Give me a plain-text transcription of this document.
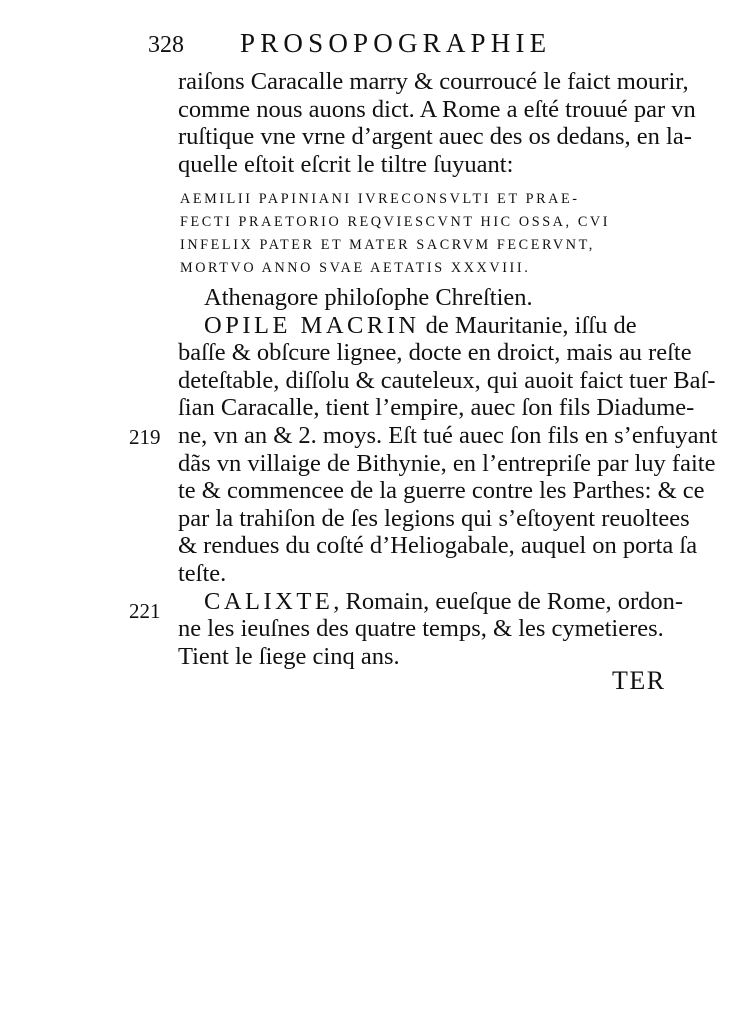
328 PROSOPOGRAPHIE
raiſons Caracalle marry & courroucé le faict mourir,
comme nous auons dict. A Rome a eſté trouué par vn
ruſtique vne vrne d’argent auec des os dedans, en la-
quelle eſtoit eſcrit le tiltre ſuyuant:
AEMILII PAPINIANI IVRECONSVLTI ET PRAE-
FECTI PRAETORIO REQVIESCVNT HIC OSSA, CVI
INFELIX PATER ET MATER SACRVM FECERVNT,
MORTVO ANNO SVAE AETATIS XXXVIII.
Athenagore philoſophe Chreſtien.
OPILE MACRIN de Mauritanie, iſſu de
baſſe & obſcure lignee, docte en droict, mais au reſte
deteſtable, diſſolu & cauteleux, qui auoit faict tuer Baſ-
ſian Caracalle, tient l’empire, auec ſon fils Diadume-
ne, vn an & 2. moys. Eſt tué auec ſon fils en s’enfuyant
dãs vn villaige de Bithynie, en l’entrepriſe par luy faite
te & commencee de la guerre contre les Parthes: & ce
par la trahiſon de ſes legions qui s’eſtoyent reuoltees
& rendues du coſté d’Heliogabale, auquel on porta ſa
teſte.
CALIXTE, Romain, eueſque de Rome, ordon-
ne les ieuſnes des quatre temps, & les cymetieres.
Tient le ſiege cinq ans.
219
221
TER
